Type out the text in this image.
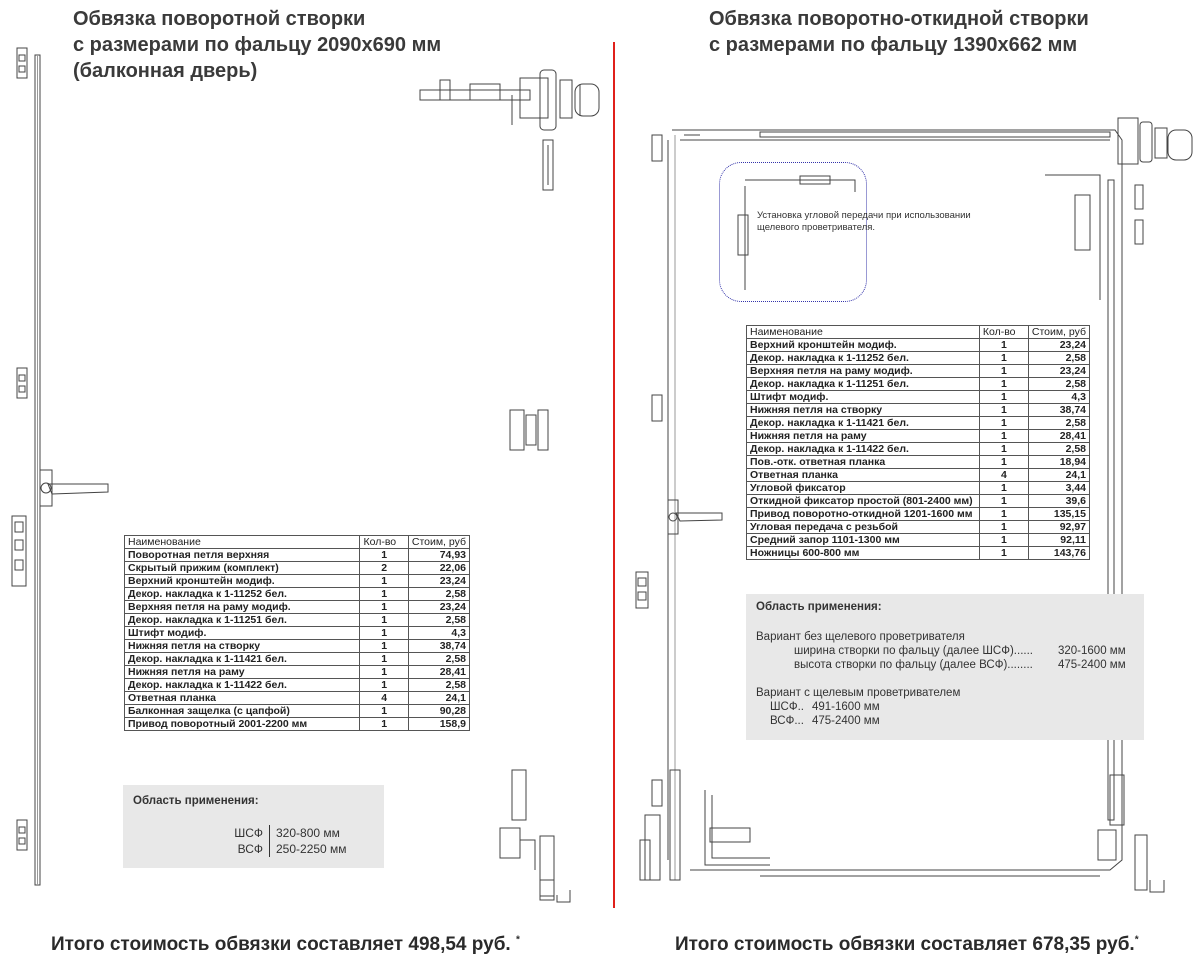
Обвязка поворотной створки
с размерами по фальцу 2090х690 мм
(балконная дверь)
Обвязка поворотно-откидной створки
с размерами по фальцу 1390х662 мм
Установка угловой передачи при использовании щелевого проветривателя.
Наименование	Кол-во	Стоим, руб
Поворотная петля верхняя	1	74,93
Скрытый прижим (комплект)	2	22,06
Верхний кронштейн модиф.	1	23,24
Декор. накладка к 1-11252 бел.	1	2,58
Верхняя петля на раму модиф.	1	23,24
Декор. накладка к 1-11251 бел.	1	2,58
Штифт модиф.	1	4,3
Нижняя петля на створку	1	38,74
Декор. накладка к 1-11421 бел.	1	2,58
Нижняя петля на раму	1	28,41
Декор. накладка к 1-11422 бел.	1	2,58
Ответная планка	4	24,1
Балконная защелка (с цапфой)	1	90,28
Привод поворотный 2001-2200 мм	1	158,9
Наименование	Кол-во	Стоим, руб
Верхний кронштейн модиф.	1	23,24
Декор. накладка к 1-11252 бел.	1	2,58
Верхняя петля на раму модиф.	1	23,24
Декор. накладка к 1-11251 бел.	1	2,58
Штифт модиф.	1	4,3
Нижняя петля на створку	1	38,74
Декор. накладка к 1-11421 бел.	1	2,58
Нижняя петля на раму	1	28,41
Декор. накладка к 1-11422 бел.	1	2,58
Пов.-отк. ответная планка	1	18,94
Ответная планка	4	24,1
Угловой фиксатор	1	3,44
Откидной фиксатор простой (801-2400 мм)	1	39,6
Привод поворотно-откидной 1201-1600 мм	1	135,15
Угловая передача с резьбой	1	92,97
Средний запор 1101-1300 мм	1	92,11
Ножницы 600-800 мм	1	143,76
Область применения:
ШСФ 320-800 мм
ВСФ 250-2250 мм
Область применения:
Вариант без щелевого проветривателя
ширина створки по фальцу (далее ШСФ)...... 320-1600 мм
высота створки по фальцу (далее ВСФ)........ 475-2400 мм
Вариант с щелевым проветривателем
ШСФ.. 491-1600 мм
ВСФ... 475-2400 мм
Итого стоимость обвязки составляет 498,54 руб. *	Итого стоимость обвязки составляет 678,35 руб.*
